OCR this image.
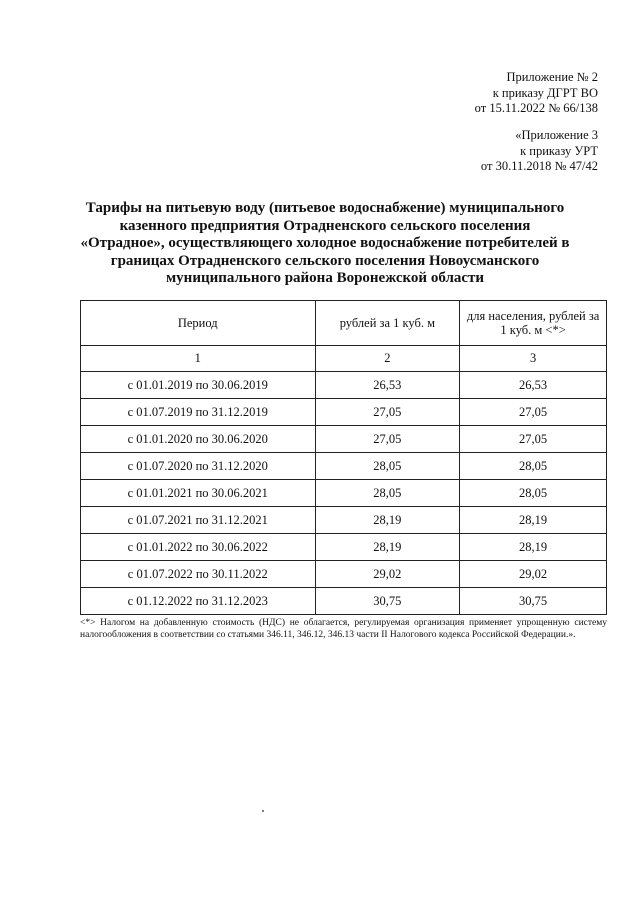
Приложение № 2
к приказу ДГРТ ВО
от 15.11.2022 № 66/138
«Приложение 3
к приказу УРТ
от 30.11.2018 № 47/42
Тарифы на питьевую воду (питьевое водоснабжение) муниципального казенного предприятия Отрадненского сельского поселения «Отрадное», осуществляющего холодное водоснабжение потребителей в границах Отрадненского сельского поселения Новоусманского муниципального района Воронежской области
Период	рублей за 1 куб. м	для населения, рублей за 1 куб. м <*>
1	2	3
с 01.01.2019 по 30.06.2019	26,53	26,53
с 01.07.2019 по 31.12.2019	27,05	27,05
с 01.01.2020 по 30.06.2020	27,05	27,05
с 01.07.2020 по 31.12.2020	28,05	28,05
с 01.01.2021 по 30.06.2021	28,05	28,05
с 01.07.2021 по 31.12.2021	28,19	28,19
с 01.01.2022 по 30.06.2022	28,19	28,19
с 01.07.2022 по 30.11.2022	29,02	29,02
с 01.12.2022 по 31.12.2023	30,75	30,75
<*> Налогом на добавленную стоимость (НДС) не облагается, регулируемая организация применяет упрощенную систему налогообложения в соответствии со статьями 346.11, 346.12, 346.13 части II Налогового кодекса Российской Федерации.».
